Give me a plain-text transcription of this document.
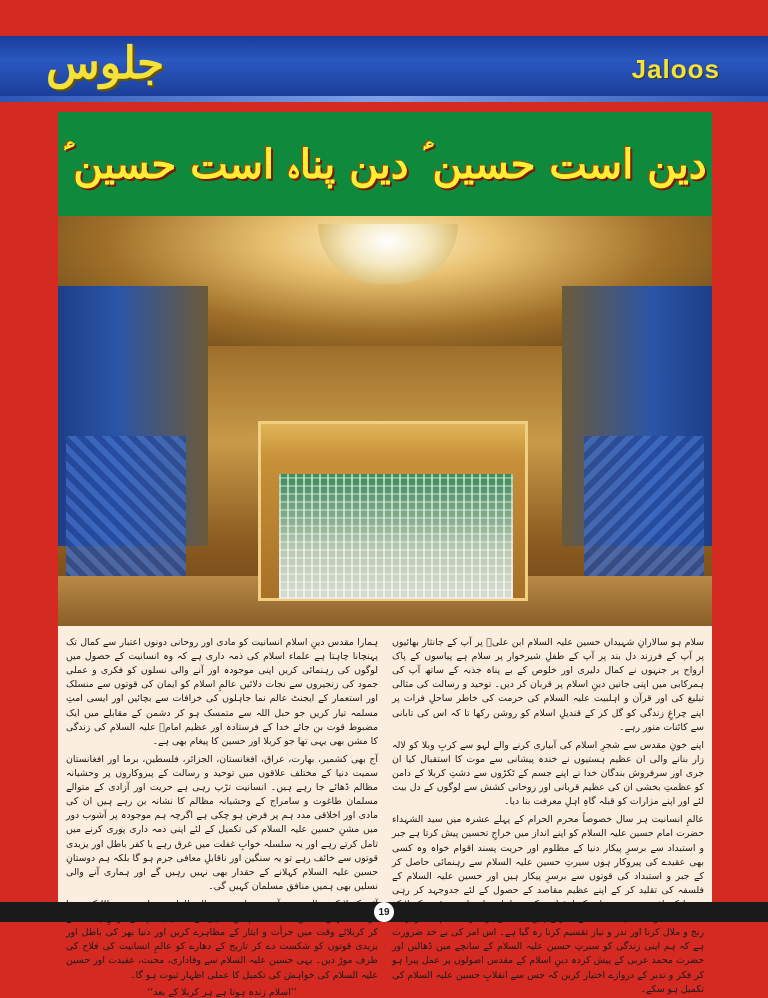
جلوس	Jaloos
دین است حسین ؑ دین پناہ است حسین ؑ

سلام ہو سالارانِ شہیداں حسین علیہ السلام ابن علیؑ پر آپ کے جانثار بھائیوں پر آپ کے فرزند دل بند پر آپ کے طفلِ شیرخوار پر سلام ہے پیاسوں کے پاک ارواح پر جنہوں نے کمال دلیری اور خلوص کے بے پناہ جذبہ کے ساتھ آپ کی ہمرکابی میں اپنی جانیں دینِ اسلام پر قربان کر دیں۔ توحید و رسالت کی مثالی تبلیغ کی اور قرآن و اہلبیت علیہ السلام کی حرمت کی خاطر ساحلِ فرات پر اپنے چراغِ زندگی کو گل کر کے قندیلِ اسلام کو روشن رکھا تا کہ اس کی تابانی سے کائنات منور رہے۔

اپنے خونِ مقدس سے شجرِ اسلام کی آبیاری کرنے والے لہو سے کربِ وبلا کو لالہ زار بنانے والی ان عظیم ہستیوں نے خندہ پیشانی سے موت کا استقبال کیا ان جری اور سرفروش بندگان خدا نے اپنے جسم کے ٹکڑوں سے دشتِ کربلا کے دامن کو عظمتِ بخشی ان کی عظیم قربانی اور روحانی کشش سے لوگوں کے دل بیت لئے اور اپنے مزارات کو قبلہ گاہِ اہلِ معرفت بنا دیا۔

عالمِ انسانیت ہر سال خصوصاً محرم الحرام کے پہلے عشرہ میں سید الشہداء حضرت امام حسین علیہ السلام کو اپنے انداز میں خراجِ تحسین پیش کرتا ہے جبر و استبداد سے برسرِ پیکار دنیا کے مظلوم اور حریت پسند اقوام خواہ وہ کسی بھی عقیدے کی پیروکار ہوں سیرتِ حسین علیہ السلام سے رہنمائی حاصل کر کے جبر و استبداد کی قوتوں سے برسرِ پیکار ہیں اور حسین علیہ السلام کے فلسفہ کی تقلید کر کے اپنے عظیم مقاصد کے حصول کے لئے جدوجہد کر رہی رنج و ملال کرنا اور نذر و نیاز تقسیم کرنا رہ گیا ہے۔ اس امر کی بے حد ضرورت ہے کہ ہم اپنی زندگی کو سیرتِ حسین علیہ السلام کے سانچے میں ڈھالیں اور حضرت محمد عربی کے پیش کردہ دینِ اسلام کے مقدس اصولوں پر عمل پیرا ہو کر فکر و تدبر کے دروازے اختیار کریں کہ جس سے انقلابِ حسین علیہ السلام کی تکمیل ہو سکے۔

ہمارا مقدس دینِ اسلام انسانیت کو مادی اور روحانی دونوں اعتبار سے کمال تک پہنچانا چاہتا ہے علماء اسلام کی ذمہ داری ہے کہ وہ انسانیت کے حصول میں لوگوں کی رہنمائی کریں اپنی موجودہ اور آنے والی نسلوں کو فکری و عملی جمود کی زنجیروں سے نجات دلائیں عالمِ اسلام کو ایمان کی قوتوں سے منسلک اور استعمار کے ایجنٹ عالم نما جاہلوں کی خرافات سے بچائیں اور ایسی امتِ مسلمہ تیار کریں جو حبل اللہ سے متمسک ہو کر دشمن کے مقابلے میں ایک مضبوط قوت بن جائے خدا کے فرستادہ اور عظیم امامؑ علیہ السلام کی زندگی کا مشن بھی یہی تھا جو کربلا اور حسین کا پیغام بھی ہے۔

آج بھی کشمیر، بھارت، عراق، افغانستان، الجزائر، فلسطین، برما اور افغانستان سمیت دنیا کے مختلف علاقوں میں توحید و رسالت کے پیروکاروں پر وحشیانہ مظالم ڈھائے جا رہے ہیں۔ انسانیت تڑپ رہی ہے حریت اور آزادی کے متوالے مسلمان طاغوت و سامراج کے وحشیانہ مظالم کا نشانہ بن رہے ہیں ان کی مادی اور اخلاقی مدد ہم پر فرض ہو چکی ہے اگرچہ ہم موجودہ پر آشوب دور میں مشنِ حسین علیہ السلام کی تکمیل کے لئے اپنی ذمہ داری پوری کرنے میں تامل کرتے رہے اور یہ سلسلہ خوابِ غفلت میں غرق رہے یا کفر باطل اور یزیدی قوتوں سے خائف رہے تو یہ سنگین اور ناقابلِ معافی جرم ہو گا بلکہ ہم دوستانِ حسین علیہ السلام کہلانے کے حقدار بھی نہیں رہیں گے اور ہماری آنے والی نسلیں بھی ہمیں منافق مسلمان کہیں گی۔

کر کربلائے وقت میں جرأت و ایثار کے مظاہرے کریں اور دنیا بھر کی باطل اور یزیدی قوتوں کو شکست دے کر تاریخ کے دھارے کو عالمِ انسانیت کی فلاح کی طرف موڑ دیں۔ یہی حسین علیہ السلام سے وفاداری، محبت، عقیدت اور حسین علیہ السلام کی خواہش کی تکمیل کا عملی اظہار ثبوت ہو گا۔

’’اسلام زندہ ہوتا ہے ہر کربلا کے بعد‘‘
19
